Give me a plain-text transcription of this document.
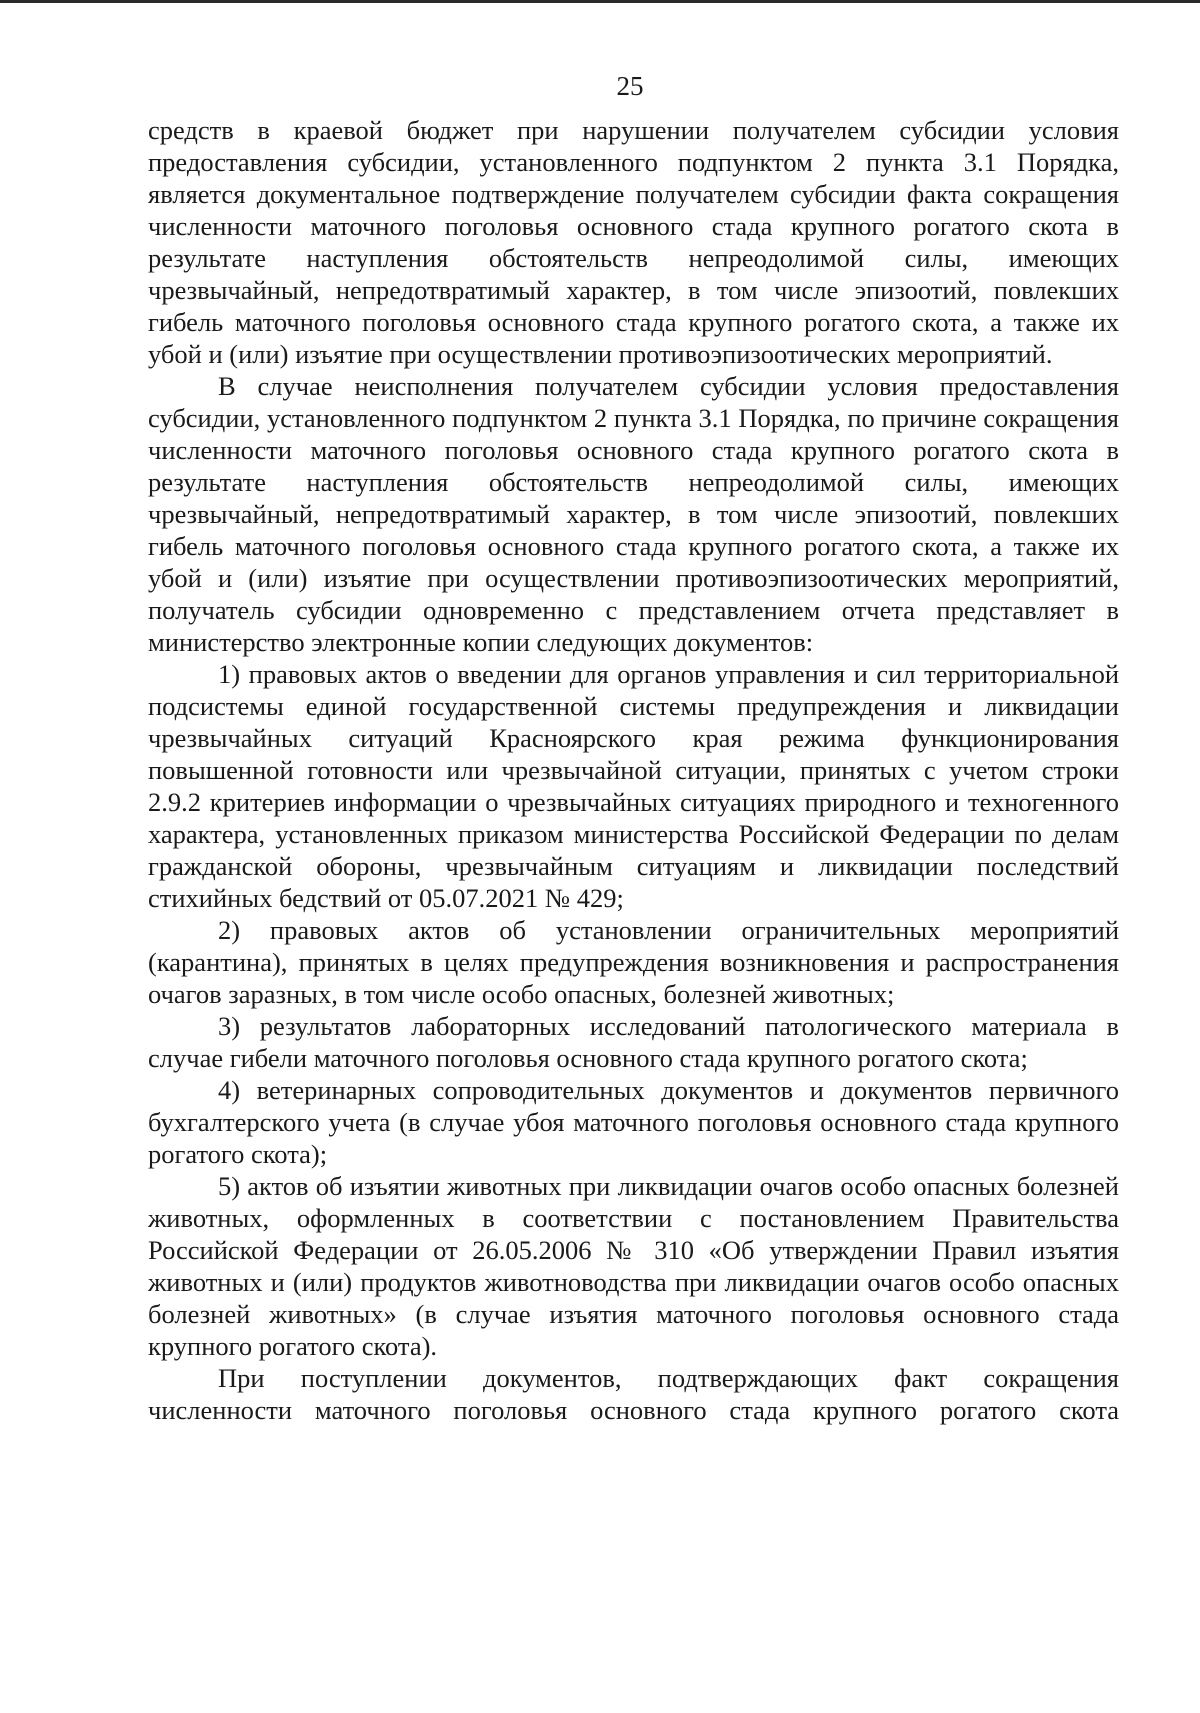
25

средств в краевой бюджет при нарушении получателем субсидии условия предоставления субсидии, установленного подпунктом 2 пункта 3.1 Порядка, является документальное подтверждение получателем субсидии факта сокращения численности маточного поголовья основного стада крупного рогатого скота в результате наступления обстоятельств непреодолимой силы, имеющих чрезвычайный, непредотвратимый характер, в том числе эпизоотий, повлекших гибель маточного поголовья основного стада крупного рогатого скота, а также их убой и (или) изъятие при осуществлении противоэпизоотических мероприятий.

В случае неисполнения получателем субсидии условия предоставления субсидии, установленного подпунктом 2 пункта 3.1 Порядка, по причине сокращения численности маточного поголовья основного стада крупного рогатого скота в результате наступления обстоятельств непреодолимой силы, имеющих чрезвычайный, непредотвратимый характер, в том числе эпизоотий, повлекших гибель маточного поголовья основного стада крупного рогатого скота, а также их убой и (или) изъятие при осуществлении противоэпизоотических мероприятий, получатель субсидии одновременно с представлением отчета представляет в министерство электронные копии следующих документов:

1) правовых актов о введении для органов управления и сил территориальной подсистемы единой государственной системы предупреждения и ликвидации чрезвычайных ситуаций Красноярского края режима функционирования повышенной готовности или чрезвычайной ситуации, принятых с учетом строки 2.9.2 критериев информации о чрезвычайных ситуациях природного и техногенного характера, установленных приказом министерства Российской Федерации по делам гражданской обороны, чрезвычайным ситуациям и ликвидации последствий стихийных бедствий от 05.07.2021 № 429;

2) правовых актов об установлении ограничительных мероприятий (карантина), принятых в целях предупреждения возникновения и распространения очагов заразных, в том числе особо опасных, болезней животных;

3) результатов лабораторных исследований патологического материала в случае гибели маточного поголовья основного стада крупного рогатого скота;

4) ветеринарных сопроводительных документов и документов первичного бухгалтерского учета (в случае убоя маточного поголовья основного стада крупного рогатого скота);

5) актов об изъятии животных при ликвидации очагов особо опасных болезней животных, оформленных в соответствии с постановлением Правительства Российской Федерации от 26.05.2006 № 310 «Об утверждении Правил изъятия животных и (или) продуктов животноводства при ликвидации очагов особо опасных болезней животных» (в случае изъятия маточного поголовья основного стада крупного рогатого скота).

При поступлении документов, подтверждающих факт сокращения численности маточного поголовья основного стада крупного рогатого скота
